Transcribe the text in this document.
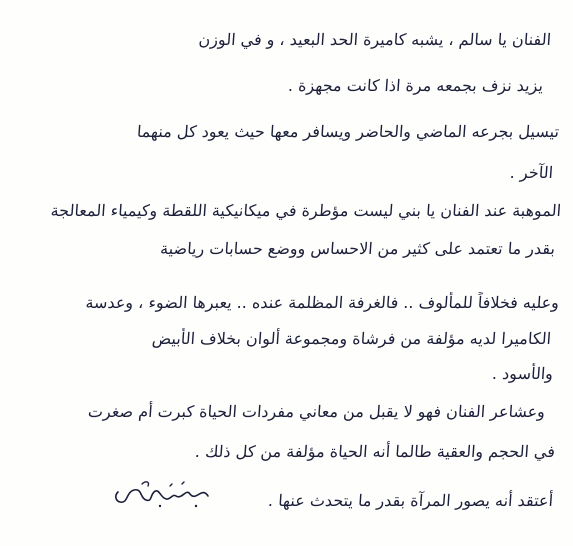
الفنان يا سالم ، يشبه كاميرة الحد البعيد ، و في الوزن
يزيد نزف بجمعه مرة اذا كانت مجهزة .
تيسيل بجرعه الماضي والحاضر ويسافر معها حيث يعود كل منهما
الآخر .
الموهبة عند الفنان يا بني ليست مؤطرة في ميكانيكية اللقطة وكيمياء المعالجة
بقدر ما تعتمد على كثير من الاحساس ووضع حسابات رياضية
وعليه فخلافاً للمألوف .. فالغرفة المظلمة عنده .. يعبرها الضوء ، وعدسة
الكاميرا لديه مؤلفة من فرشاة ومجموعة ألوان بخلاف الأبيض
والأسود .
وعشاعر الفنان فهو لا يقبل من معاني مفردات الحياة كبرت أم صغرت
في الحجم والعقية طالما أنه الحياة مؤلفة من كل ذلك .
أعتقد أنه يصور المرآة بقدر ما يتحدث عنها .
